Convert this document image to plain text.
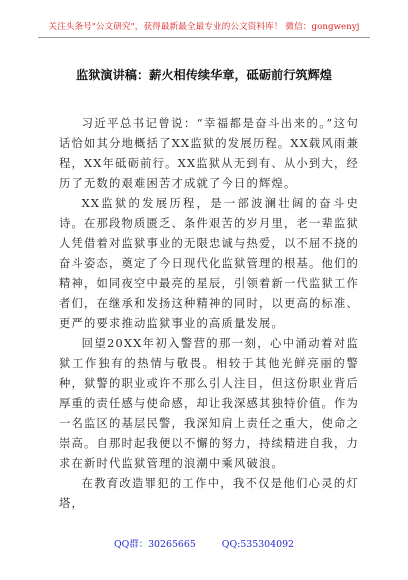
关注头条号"公文研究"，获得最新最全最专业的公文资料库！ 微信：gongwenyj
监狱演讲稿：薪火相传续华章，砥砺前行筑辉煌

习近平总书记曾说：“幸福都是奋斗出来的。”这句话恰如其分地概括了XX监狱的发展历程。XX载风雨兼程，XX年砥砺前行。XX监狱从无到有、从小到大，经历了无数的艰难困苦才成就了今日的辉煌。

XX监狱的发展历程，是一部波澜壮阔的奋斗史诗。在那段物质匮乏、条件艰苦的岁月里，老一辈监狱人凭借着对监狱事业的无限忠诚与热爱，以不屈不挠的奋斗姿态，奠定了今日现代化监狱管理的根基。他们的精神，如同夜空中最亮的星辰，引领着新一代监狱工作者们，在继承和发扬这种精神的同时，以更高的标准、更严的要求推动监狱事业的高质量发展。

回望20XX年初入警营的那一刻，心中涌动着对监狱工作独有的热情与敬畏。相较于其他光鲜亮丽的警种，狱警的职业或许不那么引人注目，但这份职业背后厚重的责任感与使命感，却让我深感其独特价值。作为一名监区的基层民警，我深知肩上责任之重大，使命之崇高。自那时起我便以不懈的努力，持续精进自我，力求在新时代监狱管理的浪潮中乘风破浪。

在教育改造罪犯的工作中，我不仅是他们心灵的灯塔，

QQ群：30265665	QQ:535304092
